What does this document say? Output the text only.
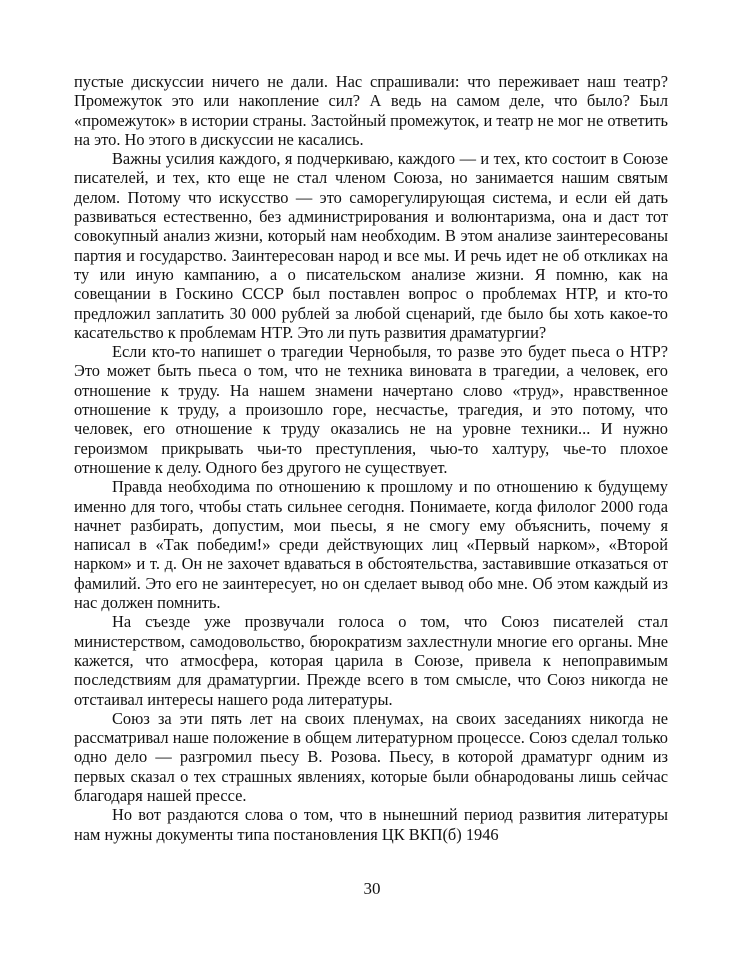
пустые дискуссии ничего не дали. Нас спрашивали: что переживает наш театр? Промежуток это или накопление сил? А ведь на самом деле, что было? Был «промежуток» в истории страны. Застойный промежуток, и театр не мог не ответить на это. Но этого в дискуссии не касались.

Важны усилия каждого, я подчеркиваю, каждого — и тех, кто состоит в Союзе писателей, и тех, кто еще не стал членом Союза, но занимается нашим святым делом. Потому что искусство — это саморегулирующая система, и если ей дать развиваться естественно, без администрирования и волюнтаризма, она и даст тот совокупный анализ жизни, который нам необходим. В этом анализе заинтересованы партия и государство. Заинтересован народ и все мы. И речь идет не об откликах на ту или иную кампанию, а о писательском анализе жизни. Я помню, как на совещании в Госкино СССР был поставлен вопрос о проблемах НТР, и кто-то предложил заплатить 30 000 рублей за любой сценарий, где было бы хоть какое-то касательство к проблемам НТР. Это ли путь развития драматургии?

Если кто-то напишет о трагедии Чернобыля, то разве это будет пьеса о НТР? Это может быть пьеса о том, что не техника виновата в трагедии, а человек, его отношение к труду. На нашем знамени начертано слово «труд», нравственное отношение к труду, а произошло горе, несчастье, трагедия, и это потому, что человек, его отношение к труду оказались не на уровне техники... И нужно героизмом прикрывать чьи-то преступления, чью-то халтуру, чье-то плохое отношение к делу. Одного без другого не существует.

Правда необходима по отношению к прошлому и по отношению к будущему именно для того, чтобы стать сильнее сегодня. Понимаете, когда филолог 2000 года начнет разбирать, допустим, мои пьесы, я не смогу ему объяснить, почему я написал в «Так победим!» среди действующих лиц «Первый нарком», «Второй нарком» и т. д. Он не захочет вдаваться в обстоятельства, заставившие отказаться от фамилий. Это его не заинтересует, но он сделает вывод обо мне. Об этом каждый из нас должен помнить.

На съезде уже прозвучали голоса о том, что Союз писателей стал министерством, самодовольство, бюрократизм захлестнули многие его органы. Мне кажется, что атмосфера, которая царила в Союзе, привела к непоправимым последствиям для драматургии. Прежде всего в том смысле, что Союз никогда не отстаивал интересы нашего рода литературы.

Союз за эти пять лет на своих пленумах, на своих заседаниях никогда не рассматривал наше положение в общем литературном процессе. Союз сделал только одно дело — разгромил пьесу В. Розова. Пьесу, в которой драматург одним из первых сказал о тех страшных явлениях, которые были обнародованы лишь сейчас благодаря нашей прессе.

Но вот раздаются слова о том, что в нынешний период развития литературы нам нужны документы типа постановления ЦК ВКП(б) 1946

30
